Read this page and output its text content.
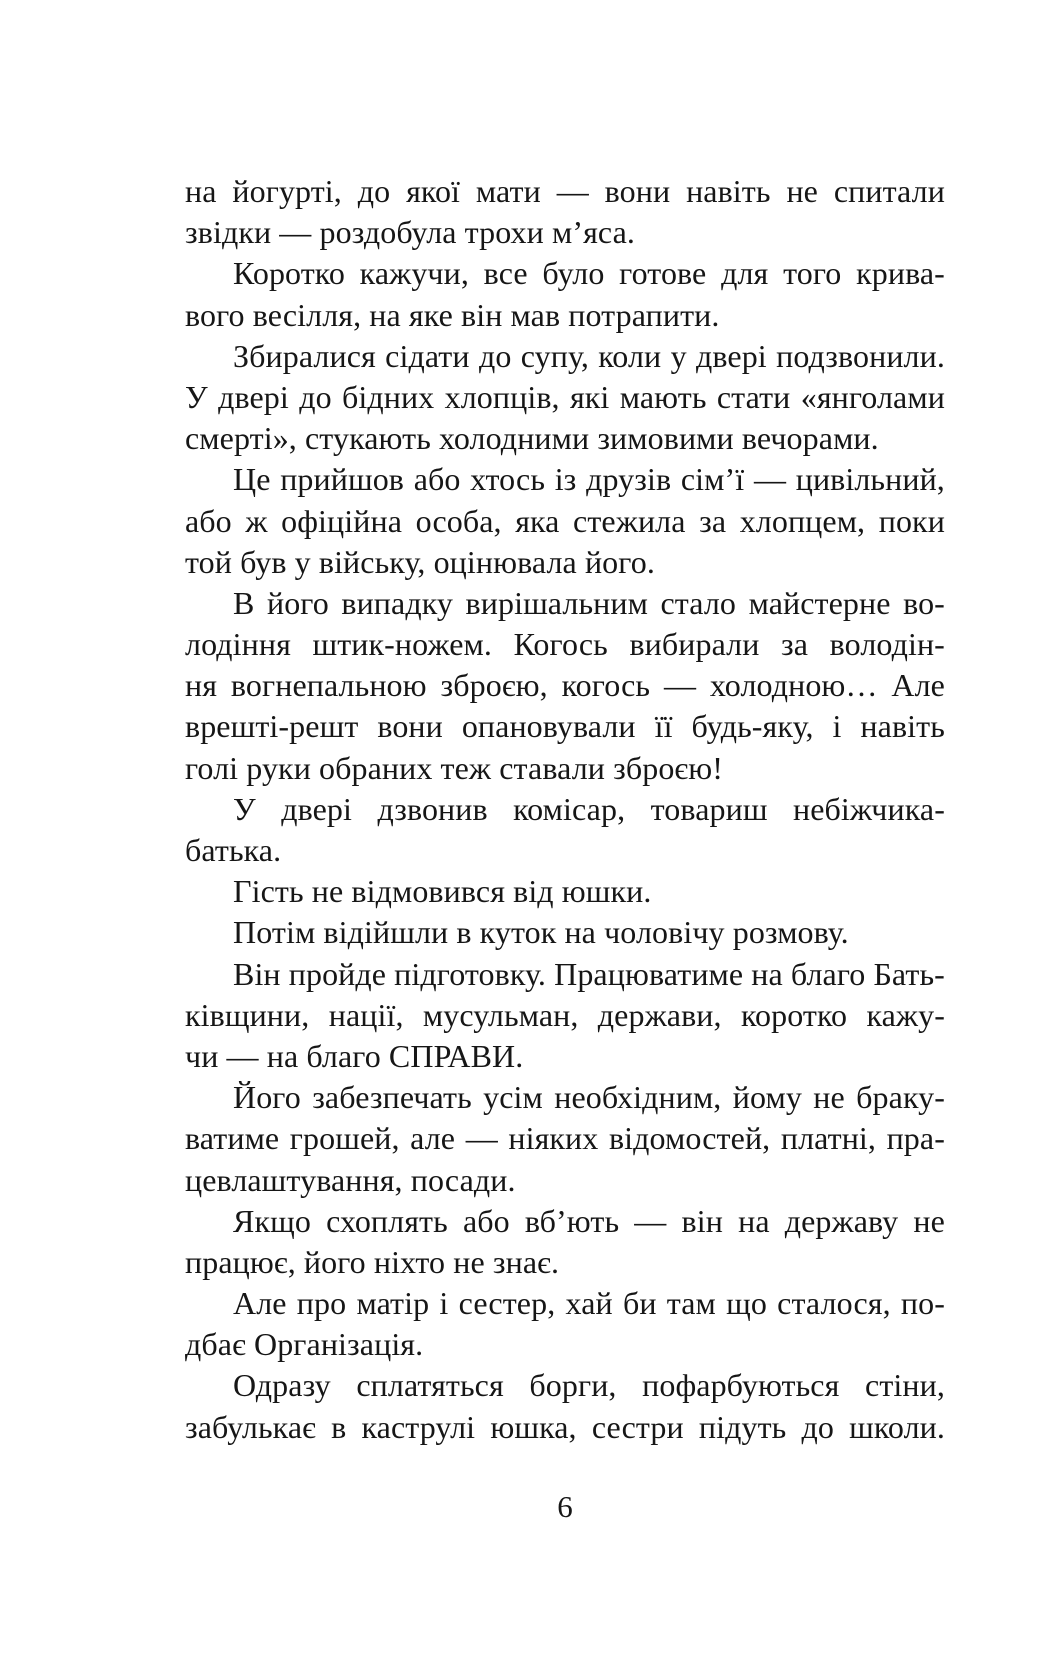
на йогурті, до якої мати — вони навіть не спитали
звідки — роздобула трохи м’яса.
Коротко кажучи, все було готове для того крива-
вого весілля, на яке він мав потрапити.
Збиралися сідати до супу, коли у двері подзвонили.
У двері до бідних хлопців, які мають стати «янголами
смерті», стукають холодними зимовими вечорами.
Це прийшов або хтось із друзів сім’ї — цивільний,
або ж офіційна особа, яка стежила за хлопцем, поки
той був у війську, оцінювала його.
В його випадку вирішальним стало майстерне во-
лодіння штик-ножем. Когось вибирали за володін-
ня вогнепальною зброєю, когось — холодною… Але
врешті-решт вони опановували її будь-яку, і навіть
голі руки обраних теж ставали зброєю!
У двері дзвонив комісар, товариш небіжчика-
батька.
Гість не відмовився від юшки.
Потім відійшли в куток на чоловічу розмову.
Він пройде підготовку. Працюватиме на благо Бать-
ківщини, нації, мусульман, держави, коротко кажу-
чи — на благо СПРАВИ.
Його забезпечать усім необхідним, йому не браку-
ватиме грошей, але — ніяких відомостей, платні, пра-
цевлаштування, посади.
Якщо схоплять або вб’ють — він на державу не
працює, його ніхто не знає.
Але про матір і сестер, хай би там що сталося, по-
дбає Організація.
Одразу сплатяться борги, пофарбуються стіни,
забулькає в каструлі юшка, сестри підуть до школи.
6
